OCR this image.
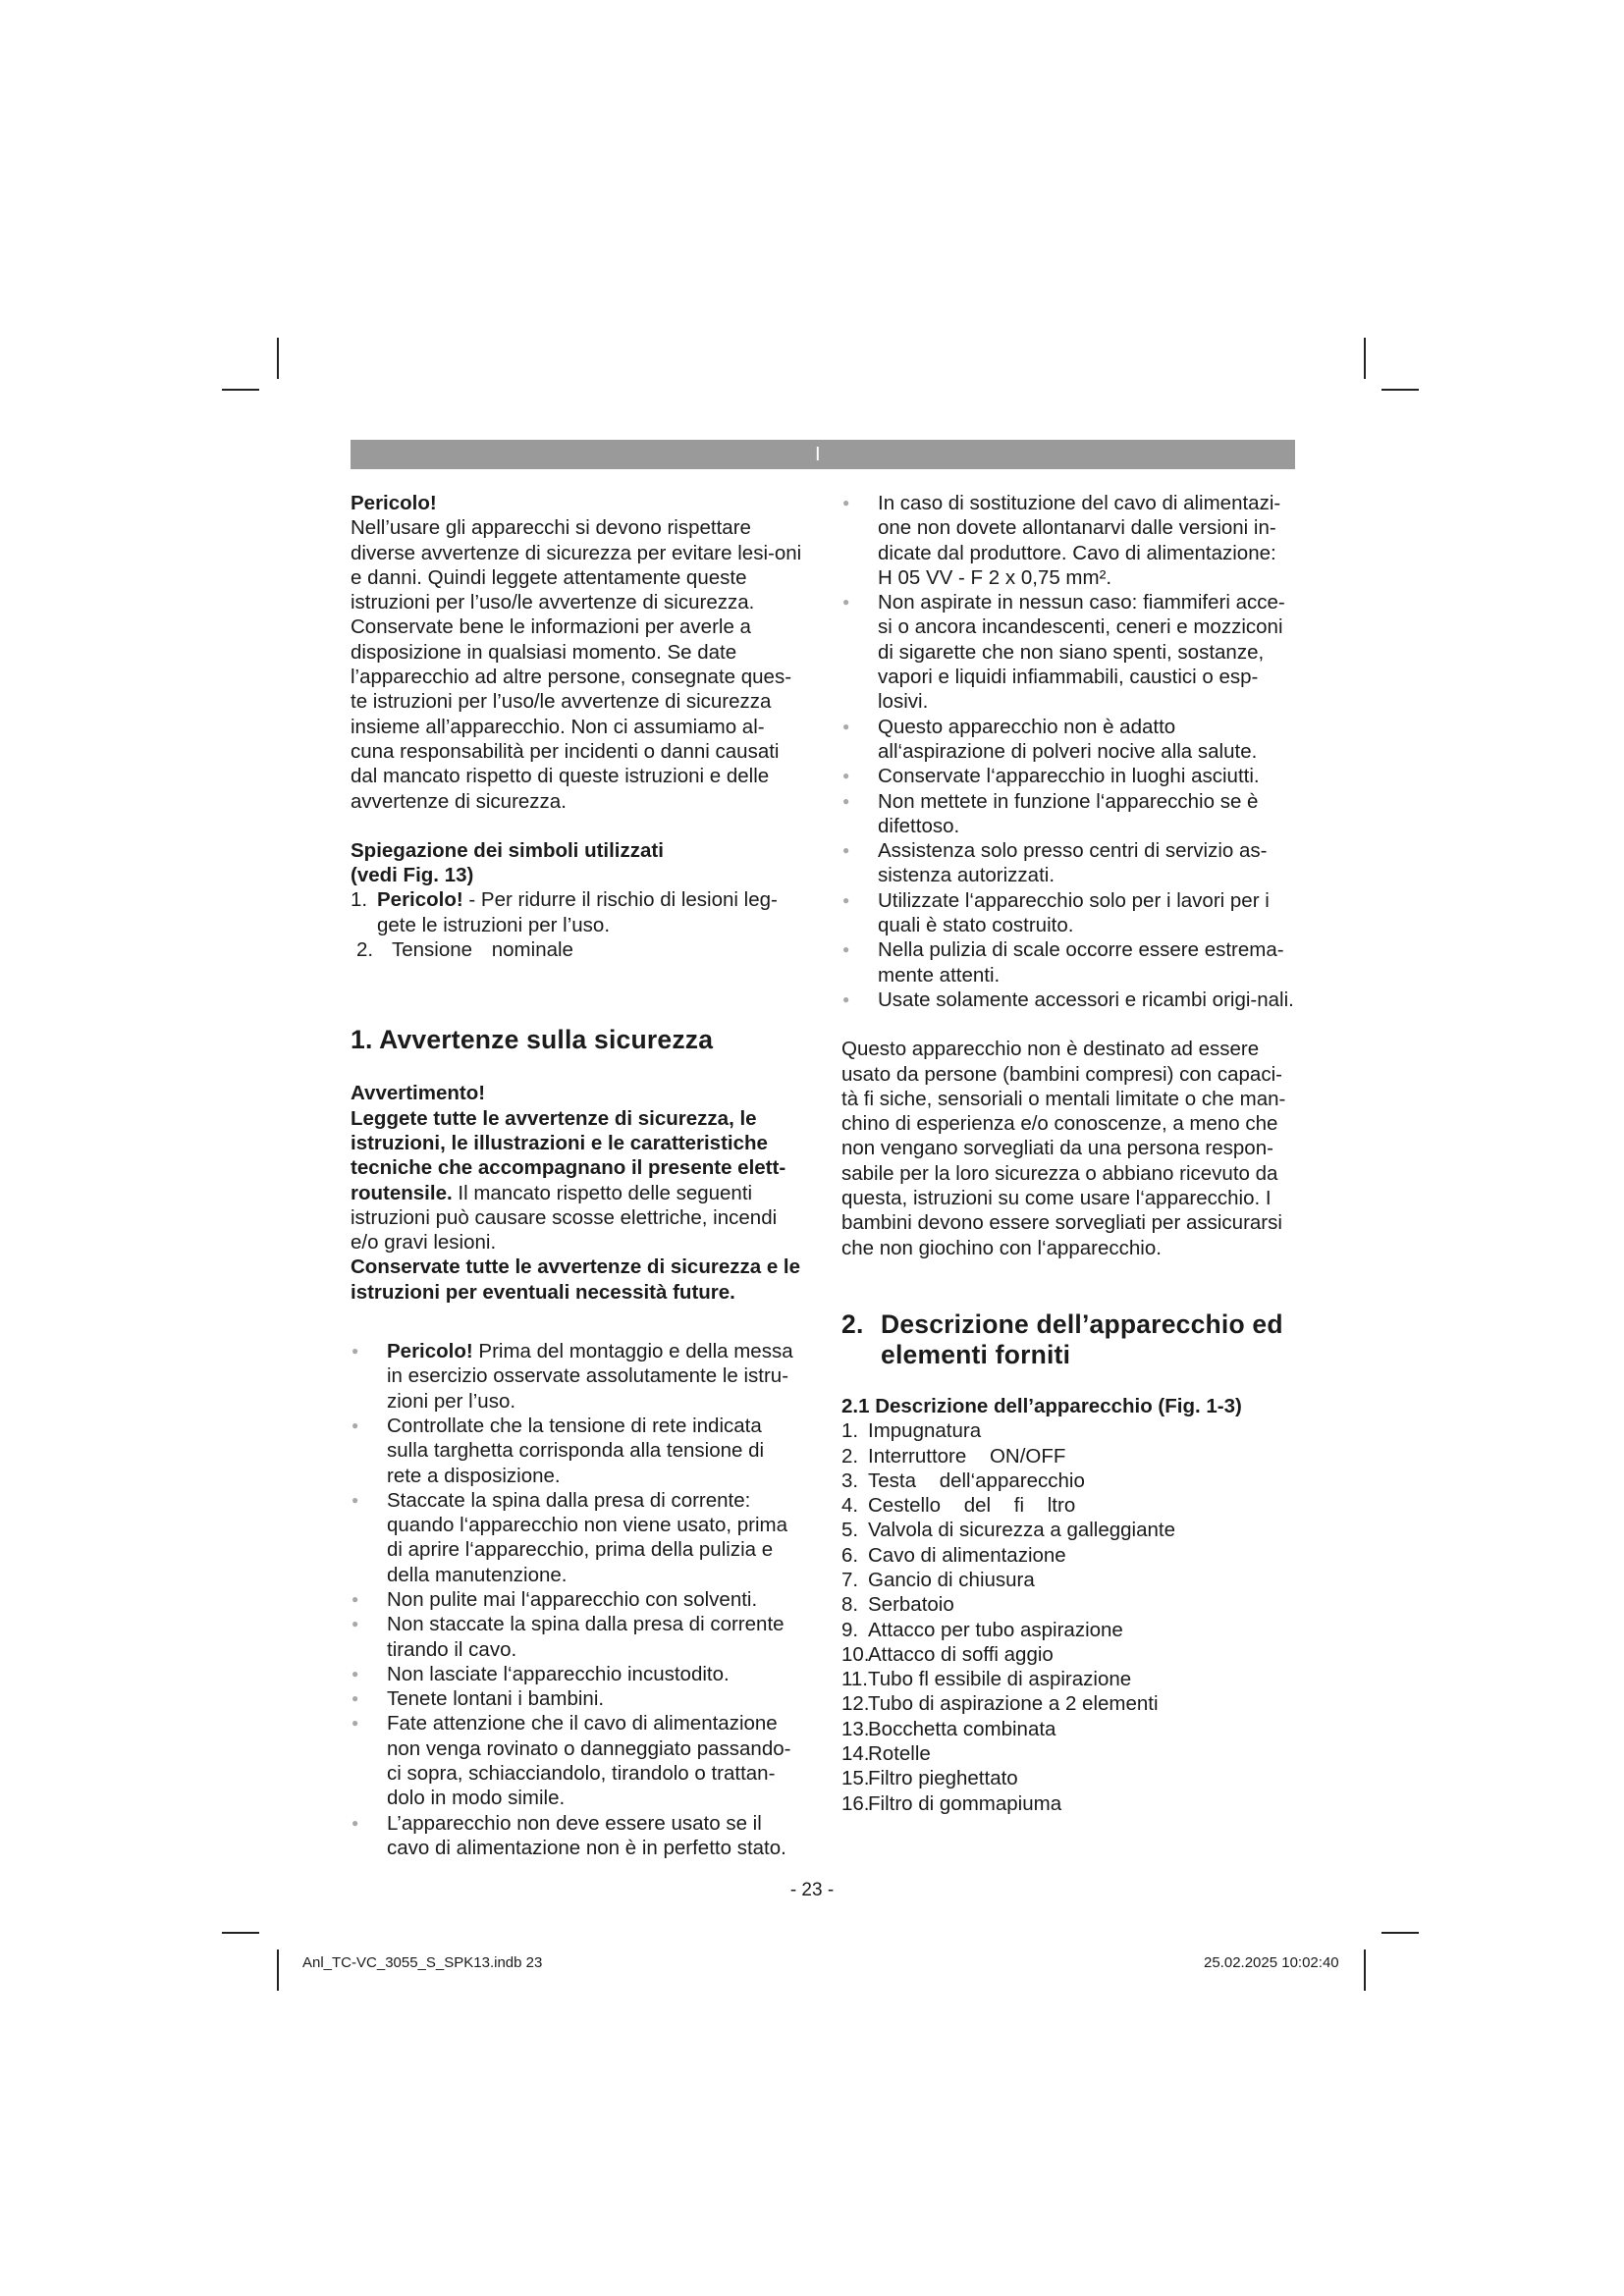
I

Pericolo!

Nell’usare gli apparecchi si devono rispettare diverse avvertenze di sicurezza per evitare lesi-oni e danni. Quindi leggete attentamente queste istruzioni per l’uso/le avvertenze di sicurezza. Conservate bene le informazioni per averle a disposizione in qualsiasi momento. Se date l’apparecchio ad altre persone, consegnate ques-te istruzioni per l’uso/le avvertenze di sicurezza insieme all’apparecchio. Non ci assumiamo al-cuna responsabilità per incidenti o danni causati dal mancato rispetto di queste istruzioni e delle avvertenze di sicurezza.

Spiegazione dei simboli utilizzati

(vedi Fig. 13)

1. Pericolo! - Per ridurre il rischio di lesioni leg-gete le istruzioni per l’uso.
2. Tensione nominale
1. Avvertenze sulla sicurezza

Avvertimento!

Leggete tutte le avvertenze di sicurezza, le istruzioni, le illustrazioni e le caratteristiche tecniche che accompagnano il presente elett-routensile. Il mancato rispetto delle seguenti istruzioni può causare scosse elettriche, incendi e/o gravi lesioni.

Conservate tutte le avvertenze di sicurezza e le istruzioni per eventuali necessità future.

● Pericolo! Prima del montaggio e della messa in esercizio osservate assolutamente le istru-zioni per l’uso.
● Controllate che la tensione di rete indicata sulla targhetta corrisponda alla tensione di rete a disposizione.
● Staccate la spina dalla presa di corrente: quando l‘apparecchio non viene usato, prima di aprire l‘apparecchio, prima della pulizia e della manutenzione.
● Non pulite mai l‘apparecchio con solventi.
● Non staccate la spina dalla presa di corrente tirando il cavo.
● Non lasciate l‘apparecchio incustodito.
● Tenete lontani i bambini.
● Fate attenzione che il cavo di alimentazione non venga rovinato o danneggiato passando-ci sopra, schiacciandolo, tirandolo o trattan-dolo in modo simile.
● L’apparecchio non deve essere usato se il cavo di alimentazione non è in perfetto stato.
● In caso di sostituzione del cavo di alimentazi-one non dovete allontanarvi dalle versioni in-dicate dal produttore. Cavo di alimentazione: H 05 VV - F 2 x 0,75 mm².
● Non aspirate in nessun caso: fiammiferi acce-si o ancora incandescenti, ceneri e mozziconi di sigarette che non siano spenti, sostanze, vapori e liquidi infiammabili, caustici o esp-losivi.
● Questo apparecchio non è adatto all‘aspirazione di polveri nocive alla salute.
● Conservate l‘apparecchio in luoghi asciutti.
● Non mettete in funzione l‘apparecchio se è difettoso.
● Assistenza solo presso centri di servizio as-sistenza autorizzati.
● Utilizzate l‘apparecchio solo per i lavori per i quali è stato costruito.
● Nella pulizia di scale occorre essere estrema-mente attenti.
● Usate solamente accessori e ricambi origi-nali.

Questo apparecchio non è destinato ad essere usato da persone (bambini compresi) con capaci-tà fi siche, sensoriali o mentali limitate o che man-chino di esperienza e/o conoscenze, a meno che non vengano sorvegliati da una persona respon-sabile per la loro sicurezza o abbiano ricevuto da questa, istruzioni su come usare l‘apparecchio. I bambini devono essere sorvegliati per assicurarsi che non giochino con l‘apparecchio.

2. Descrizione dell’apparecchio ed elementi forniti

2.1 Descrizione dell’apparecchio (Fig. 1-3)

1. Impugnatura
2. Interruttore ON/OFF
3. Testa dell‘apparecchio
4. Cestello del fi ltro
5. Valvola di sicurezza a galleggiante
6. Cavo di alimentazione
7. Gancio di chiusura
8. Serbatoio
9. Attacco per tubo aspirazione
10.
Attacco di soffi aggio
11. Tubo fl essibile di aspirazione
12.
Tubo di aspirazione a 2 elementi
13.
Bocchetta combinata
14.
Rotelle
15.
Filtro pieghettato
16.
Filtro di gommapiuma
- 23 -
Anl_TC-VC_3055_S_SPK13.indb 23	25.02.2025 10:02:40
